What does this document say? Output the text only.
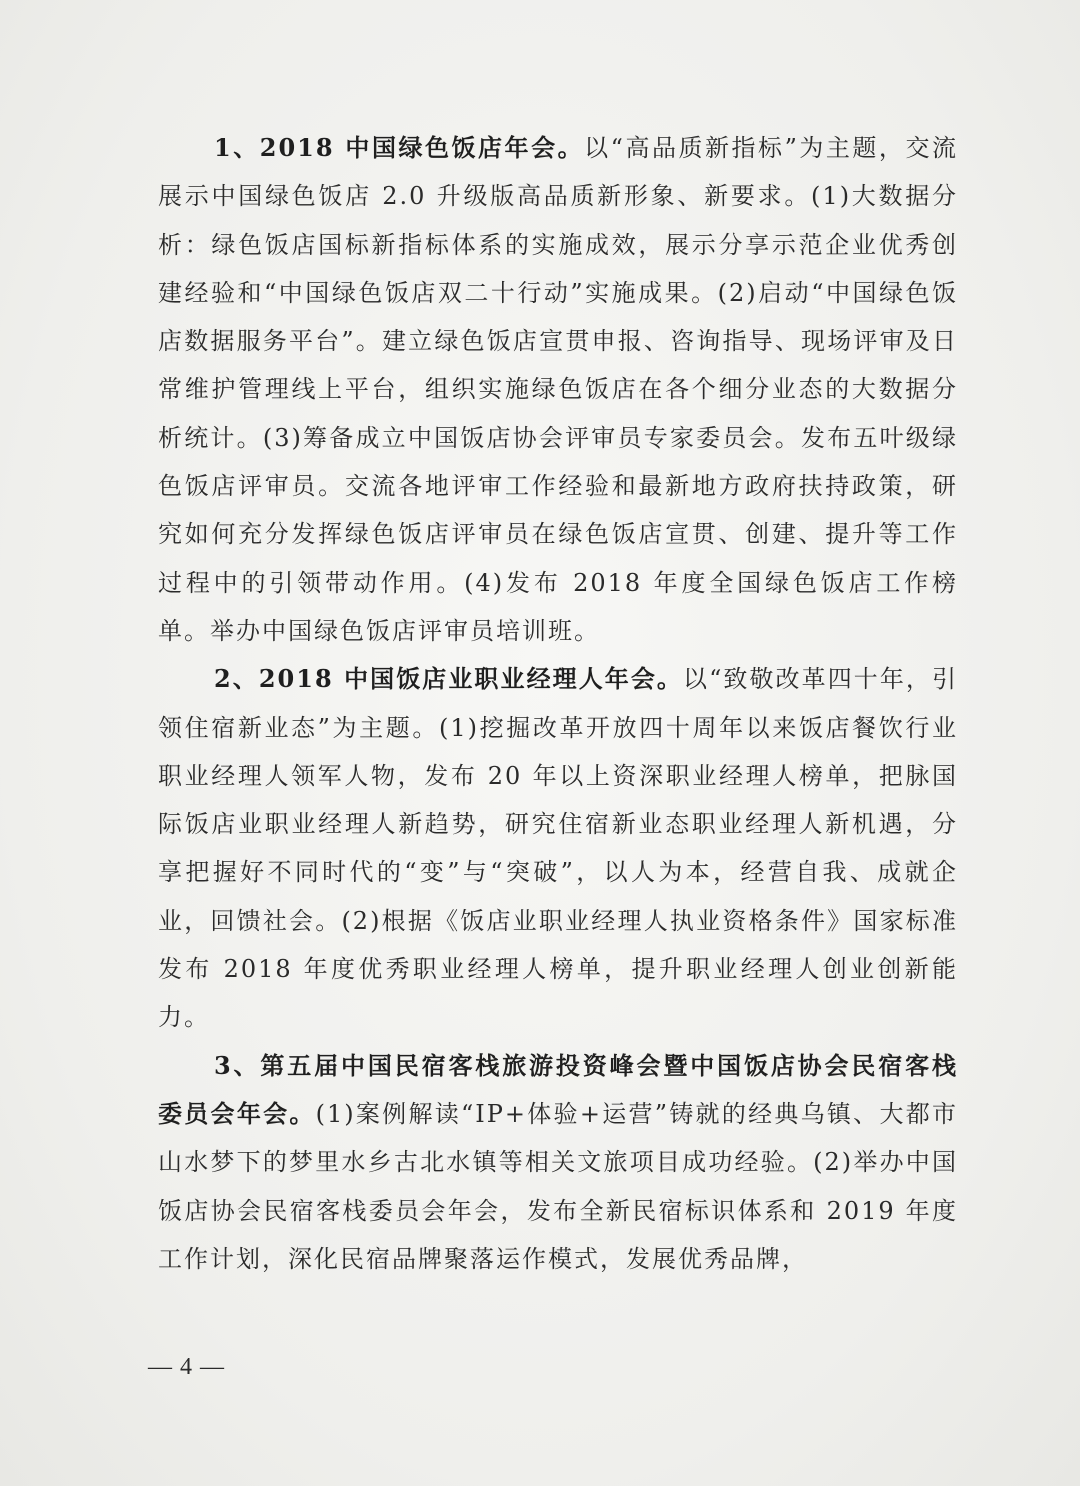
1、2018 中国绿色饭店年会。以“高品质新指标”为主题，交流展示中国绿色饭店 2.0 升级版高品质新形象、新要求。(1)大数据分析：绿色饭店国标新指标体系的实施成效，展示分享示范企业优秀创建经验和“中国绿色饭店双二十行动”实施成果。(2)启动“中国绿色饭店数据服务平台”。建立绿色饭店宣贯申报、咨询指导、现场评审及日常维护管理线上平台，组织实施绿色饭店在各个细分业态的大数据分析统计。(3)筹备成立中国饭店协会评审员专家委员会。发布五叶级绿色饭店评审员。交流各地评审工作经验和最新地方政府扶持政策，研究如何充分发挥绿色饭店评审员在绿色饭店宣贯、创建、提升等工作过程中的引领带动作用。(4)发布 2018 年度全国绿色饭店工作榜单。举办中国绿色饭店评审员培训班。

2、2018 中国饭店业职业经理人年会。以“致敬改革四十年，引领住宿新业态”为主题。(1)挖掘改革开放四十周年以来饭店餐饮行业职业经理人领军人物，发布 20 年以上资深职业经理人榜单，把脉国际饭店业职业经理人新趋势，研究住宿新业态职业经理人新机遇，分享把握好不同时代的“变”与“突破”，以人为本，经营自我、成就企业，回馈社会。(2)根据《饭店业职业经理人执业资格条件》国家标准发布 2018 年度优秀职业经理人榜单，提升职业经理人创业创新能力。

3、第五届中国民宿客栈旅游投资峰会暨中国饭店协会民宿客栈委员会年会。(1)案例解读“IP+体验+运营”铸就的经典乌镇、大都市山水梦下的梦里水乡古北水镇等相关文旅项目成功经验。(2)举办中国饭店协会民宿客栈委员会年会，发布全新民宿标识体系和 2019 年度工作计划，深化民宿品牌聚落运作模式，发展优秀品牌，

— 4 —
